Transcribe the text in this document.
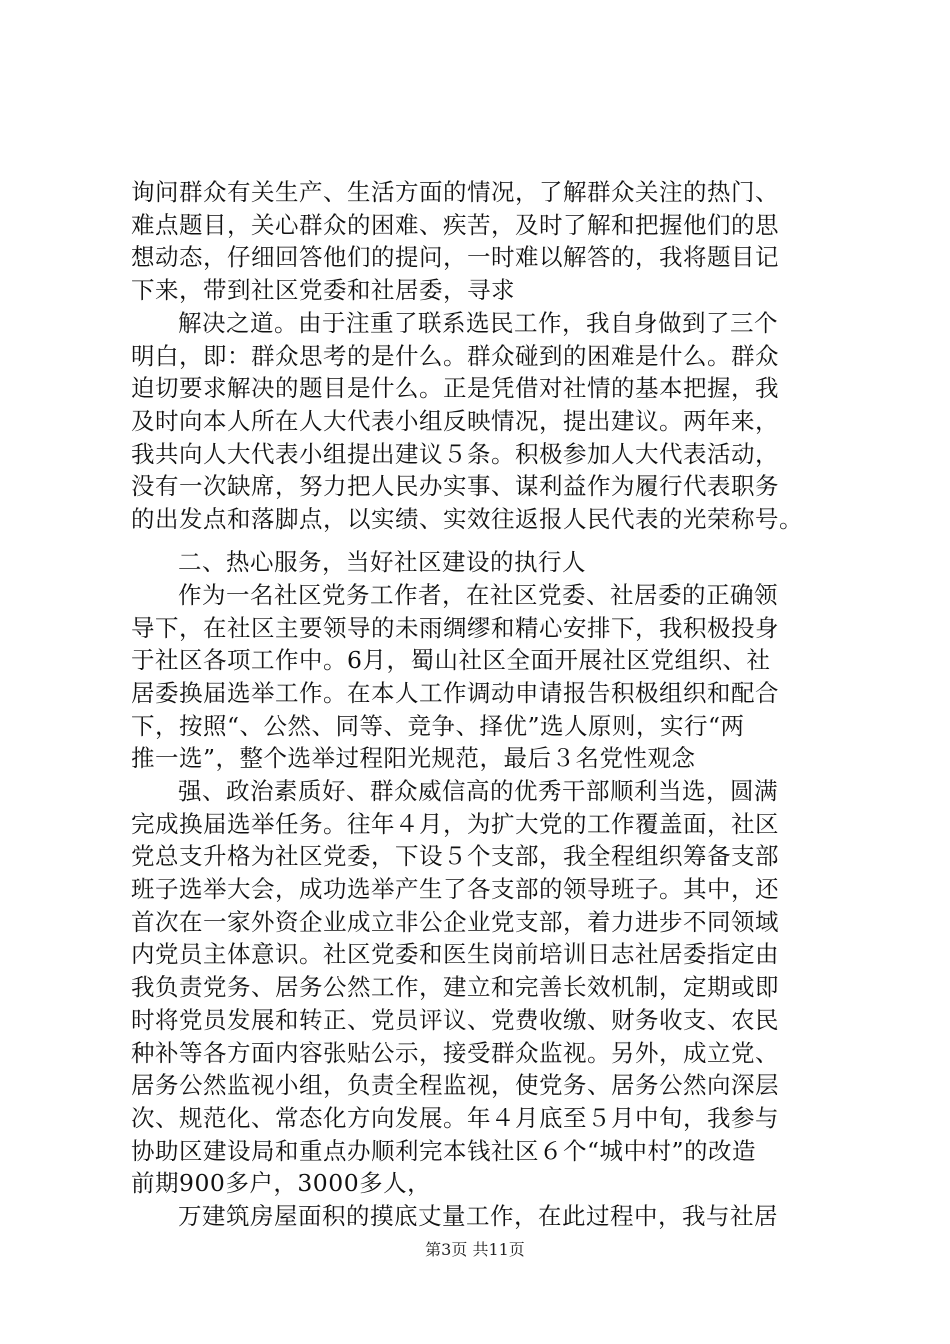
询问群众有关生产、生活方面的情况，了解群众关注的热门、
难点题目，关心群众的困难、疾苦，及时了解和把握他们的思
想动态，仔细回答他们的提问，一时难以解答的，我将题目记
下来，带到社区党委和社居委，寻求
解决之道。由于注重了联系选民工作，我自身做到了三个
明白，即：群众思考的是什么。群众碰到的困难是什么。群众
迫切要求解决的题目是什么。正是凭借对社情的基本把握，我
及时向本人所在人大代表小组反映情况，提出建议。两年来，
我共向人大代表小组提出建议５条。积极参加人大代表活动，
没有一次缺席，努力把人民办实事、谋利益作为履行代表职务
的出发点和落脚点，以实绩、实效往返报人民代表的光荣称号。
二、热心服务，当好社区建设的执行人
作为一名社区党务工作者，在社区党委、社居委的正确领
导下，在社区主要领导的未雨绸缪和精心安排下，我积极投身
于社区各项工作中。6月，蜀山社区全面开展社区党组织、社
居委换届选举工作。在本人工作调动申请报告积极组织和配合
下，按照“、公然、同等、竞争、择优”选人原则，实行“两
推一选”，整个选举过程阳光规范，最后３名党性观念
强、政治素质好、群众威信高的优秀干部顺利当选，圆满
完成换届选举任务。往年４月，为扩大党的工作覆盖面，社区
党总支升格为社区党委，下设５个支部，我全程组织筹备支部
班子选举大会，成功选举产生了各支部的领导班子。其中，还
首次在一家外资企业成立非公企业党支部，着力进步不同领域
内党员主体意识。社区党委和医生岗前培训日志社居委指定由
我负责党务、居务公然工作，建立和完善长效机制，定期或即
时将党员发展和转正、党员评议、党费收缴、财务收支、农民
种补等各方面内容张贴公示，接受群众监视。另外，成立党、
居务公然监视小组，负责全程监视，使党务、居务公然向深层
次、规范化、常态化方向发展。年４月底至５月中旬，我参与
协助区建设局和重点办顺利完本钱社区６个“城中村”的改造
前期900多户，3000多人，
万建筑房屋面积的摸底丈量工作，在此过程中，我与社居
第3页 共11页
